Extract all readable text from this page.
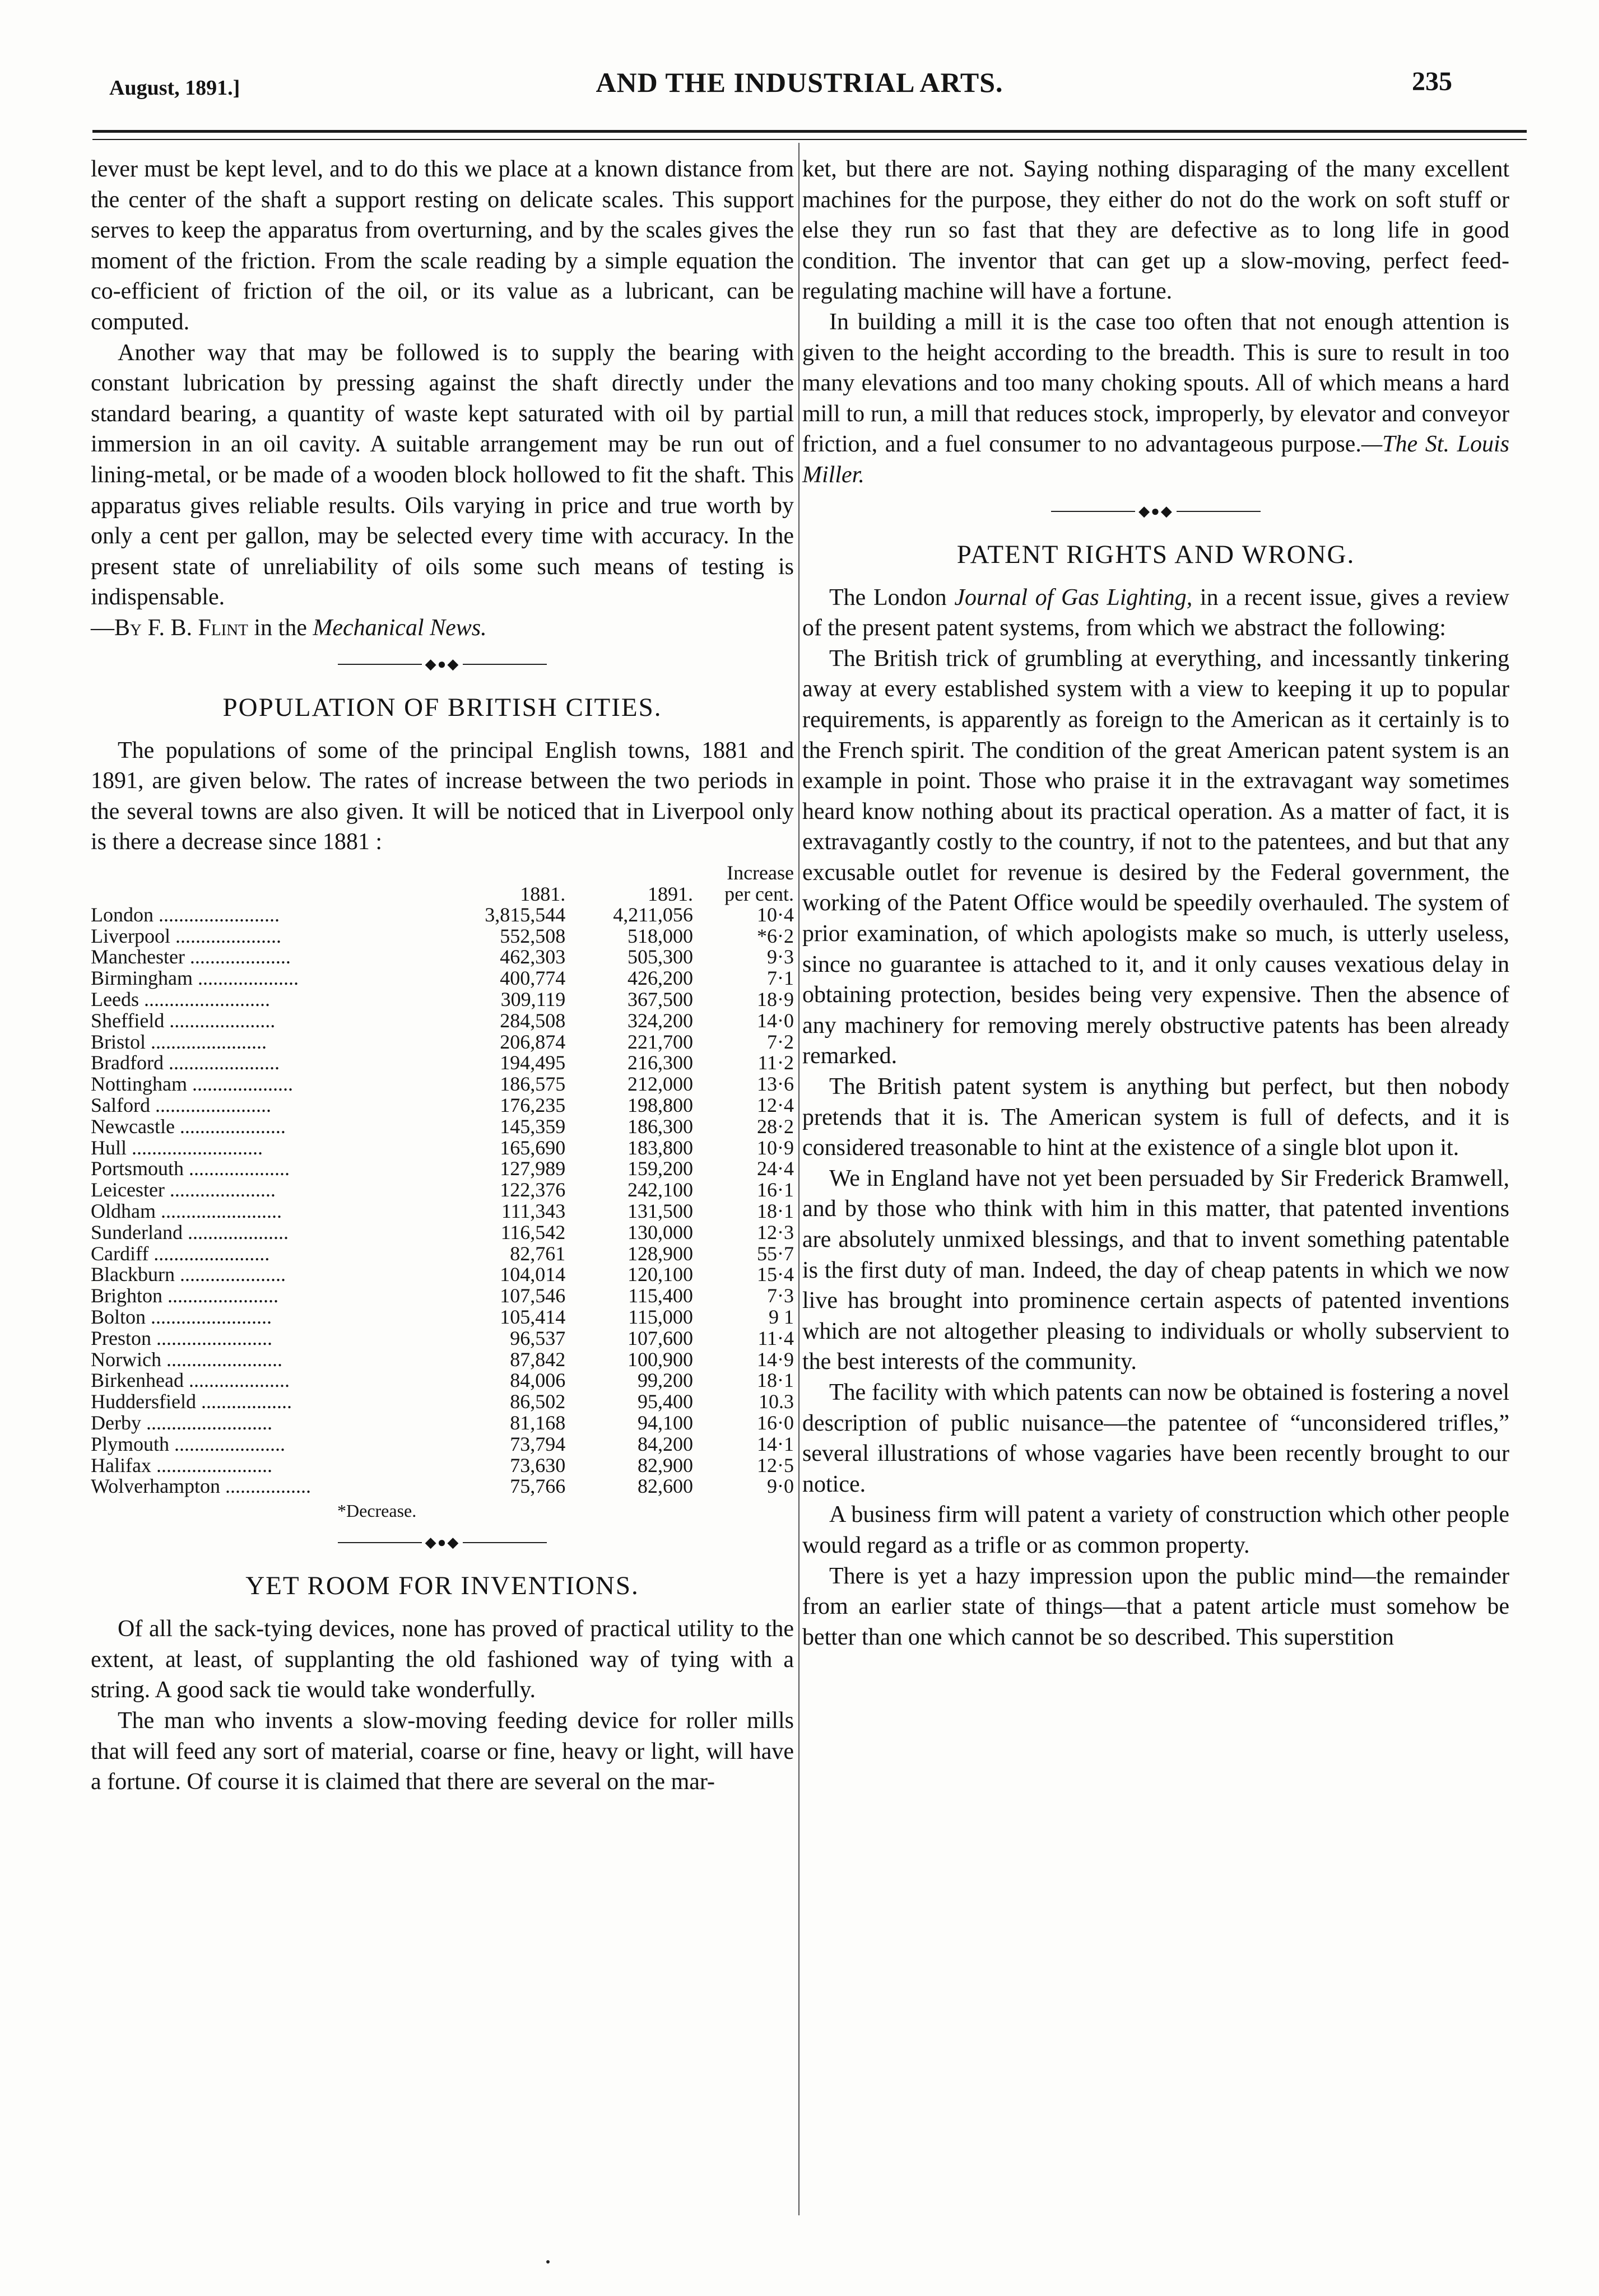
August, 1891.]	AND THE INDUSTRIAL ARTS.	235

lever must be kept level, and to do this we place at a known distance from the center of the shaft a support resting on delicate scales. This support serves to keep the apparatus from overturning, and by the scales gives the moment of the friction. From the scale reading by a simple equation the co-efficient of friction of the oil, or its value as a lubricant, can be computed.

Another way that may be followed is to supply the bearing with constant lubrication by pressing against the shaft directly under the standard bearing, a quantity of waste kept saturated with oil by partial immersion in an oil cavity. A suitable arrangement may be run out of lining-metal, or be made of a wooden block hollowed to fit the shaft. This apparatus gives reliable results. Oils varying in price and true worth by only a cent per gallon, may be selected every time with accuracy. In the present state of unreliability of oils some such means of testing is indispensable.

—By F. B. Flint in the Mechanical News.

◆●◆
POPULATION OF BRITISH CITIES.

The populations of some of the principal English towns, 1881 and 1891, are given below. The rates of increase between the two periods in the several towns are also given. It will be noticed that in Liverpool only is there a decrease since 1881 :

			Increase
	1881.	1891.	per cent.
London ........................	3,815,544	4,211,056	10·4
Liverpool .....................	552,508	518,000	*6·2
Manchester ....................	462,303	505,300	9·3
Birmingham ....................	400,774	426,200	7·1
Leeds .........................	309,119	367,500	18·9
Sheffield .....................	284,508	324,200	14·0
Bristol .......................	206,874	221,700	7·2
Bradford ......................	194,495	216,300	11·2
Nottingham ....................	186,575	212,000	13·6
Salford .......................	176,235	198,800	12·4
Newcastle .....................	145,359	186,300	28·2
Hull ..........................	165,690	183,800	10·9
Portsmouth ....................	127,989	159,200	24·4
Leicester .....................	122,376	242,100	16·1
Oldham ........................	111,343	131,500	18·1
Sunderland ....................	116,542	130,000	12·3
Cardiff .......................	82,761	128,900	55·7
Blackburn .....................	104,014	120,100	15·4
Brighton ......................	107,546	115,400	7·3
Bolton ........................	105,414	115,000	9 1
Preston .......................	96,537	107,600	11·4
Norwich .......................	87,842	100,900	14·9
Birkenhead ....................	84,006	99,200	18·1
Huddersfield ..................	86,502	95,400	10.3
Derby .........................	81,168	94,100	16·0
Plymouth ......................	73,794	84,200	14·1
Halifax .......................	73,630	82,900	12·5
Wolverhampton .................	75,766	82,600	9·0
*Decrease.
◆●◆
YET ROOM FOR INVENTIONS.

Of all the sack-tying devices, none has proved of practical utility to the extent, at least, of supplanting the old fashioned way of tying with a string. A good sack tie would take wonderfully.

The man who invents a slow-moving feeding device for roller mills that will feed any sort of material, coarse or fine, heavy or light, will have a fortune. Of course it is claimed that there are several on the mar-

ket, but there are not. Saying nothing disparaging of the many excellent machines for the purpose, they either do not do the work on soft stuff or else they run so fast that they are defective as to long life in good condition. The inventor that can get up a slow-moving, perfect feed-regulating machine will have a fortune.

In building a mill it is the case too often that not enough attention is given to the height according to the breadth. This is sure to result in too many elevations and too many choking spouts. All of which means a hard mill to run, a mill that reduces stock, improperly, by elevator and conveyor friction, and a fuel consumer to no advantageous purpose.—The St. Louis Miller.

◆●◆
PATENT RIGHTS AND WRONG.

The London Journal of Gas Lighting, in a recent issue, gives a review of the present patent systems, from which we abstract the following:

The British trick of grumbling at everything, and incessantly tinkering away at every established system with a view to keeping it up to popular requirements, is apparently as foreign to the American as it certainly is to the French spirit. The condition of the great American patent system is an example in point. Those who praise it in the extravagant way sometimes heard know nothing about its practical operation. As a matter of fact, it is extravagantly costly to the country, if not to the patentees, and but that any excusable outlet for revenue is desired by the Federal government, the working of the Patent Office would be speedily overhauled. The system of prior examination, of which apologists make so much, is utterly useless, since no guarantee is attached to it, and it only causes vexatious delay in obtaining protection, besides being very expensive. Then the absence of any machinery for removing merely obstructive patents has been already remarked.

The British patent system is anything but perfect, but then nobody pretends that it is. The American system is full of defects, and it is considered treasonable to hint at the existence of a single blot upon it.

We in England have not yet been persuaded by Sir Frederick Bramwell, and by those who think with him in this matter, that patented inventions are absolutely unmixed blessings, and that to invent something patentable is the first duty of man. Indeed, the day of cheap patents in which we now live has brought into prominence certain aspects of patented inventions which are not altogether pleasing to individuals or wholly subservient to the best interests of the community.

The facility with which patents can now be obtained is fostering a novel description of public nuisance—the patentee of “unconsidered trifles,” several illustrations of whose vagaries have been recently brought to our notice.

A business firm will patent a variety of construction which other people would regard as a trifle or as common property.

There is yet a hazy impression upon the public mind—the remainder from an earlier state of things—that a patent article must somehow be better than one which cannot be so described. This superstition
